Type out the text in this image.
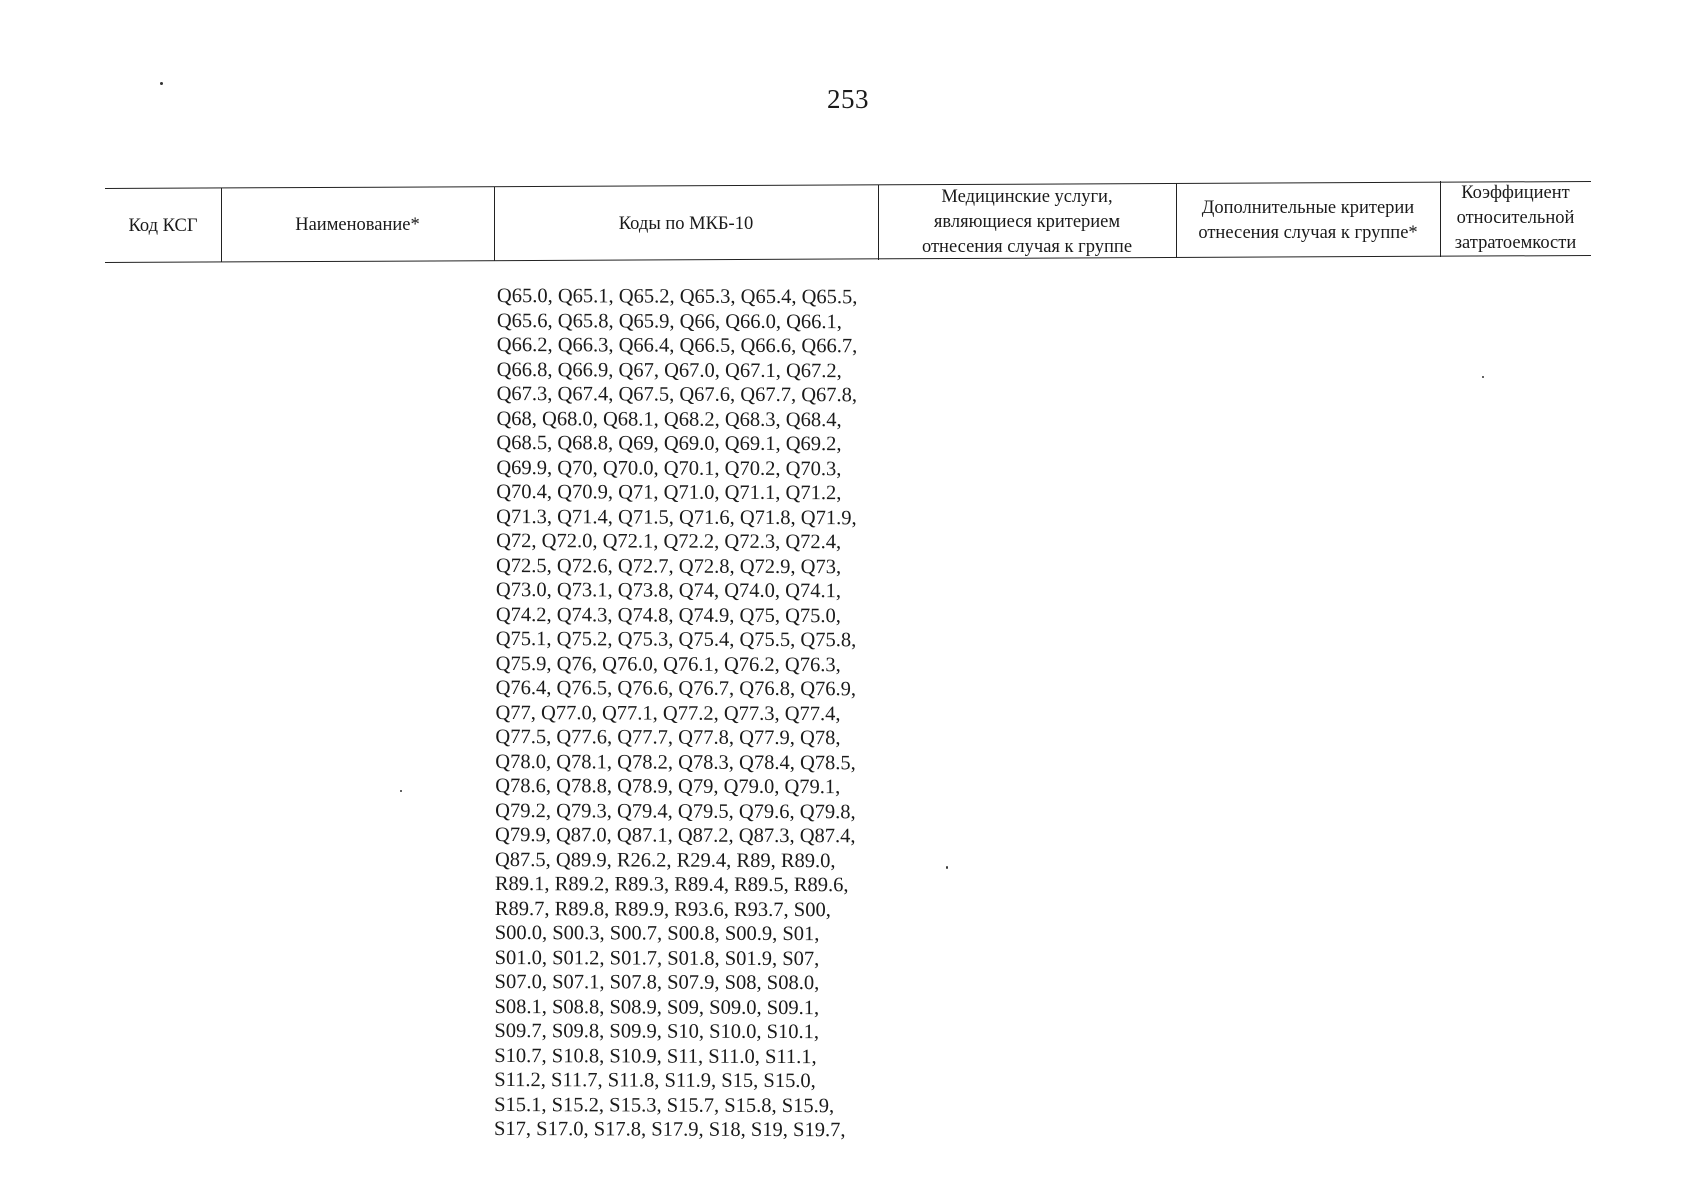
253
Код КСГ	Наименование*	Коды по МКБ-10
Медицинские услуги,
являющиеся критерием
отнесения случая к группе
Дополнительные критерии
отнесения случая к группе*
Коэффициент
относительной
затратоемкости
Q65.0, Q65.1, Q65.2, Q65.3, Q65.4, Q65.5,
Q65.6, Q65.8, Q65.9, Q66, Q66.0, Q66.1,
Q66.2, Q66.3, Q66.4, Q66.5, Q66.6, Q66.7,
Q66.8, Q66.9, Q67, Q67.0, Q67.1, Q67.2,
Q67.3, Q67.4, Q67.5, Q67.6, Q67.7, Q67.8,
Q68, Q68.0, Q68.1, Q68.2, Q68.3, Q68.4,
Q68.5, Q68.8, Q69, Q69.0, Q69.1, Q69.2,
Q69.9, Q70, Q70.0, Q70.1, Q70.2, Q70.3,
Q70.4, Q70.9, Q71, Q71.0, Q71.1, Q71.2,
Q71.3, Q71.4, Q71.5, Q71.6, Q71.8, Q71.9,
Q72, Q72.0, Q72.1, Q72.2, Q72.3, Q72.4,
Q72.5, Q72.6, Q72.7, Q72.8, Q72.9, Q73,
Q73.0, Q73.1, Q73.8, Q74, Q74.0, Q74.1,
Q74.2, Q74.3, Q74.8, Q74.9, Q75, Q75.0,
Q75.1, Q75.2, Q75.3, Q75.4, Q75.5, Q75.8,
Q75.9, Q76, Q76.0, Q76.1, Q76.2, Q76.3,
Q76.4, Q76.5, Q76.6, Q76.7, Q76.8, Q76.9,
Q77, Q77.0, Q77.1, Q77.2, Q77.3, Q77.4,
Q77.5, Q77.6, Q77.7, Q77.8, Q77.9, Q78,
Q78.0, Q78.1, Q78.2, Q78.3, Q78.4, Q78.5,
Q78.6, Q78.8, Q78.9, Q79, Q79.0, Q79.1,
Q79.2, Q79.3, Q79.4, Q79.5, Q79.6, Q79.8,
Q79.9, Q87.0, Q87.1, Q87.2, Q87.3, Q87.4,
Q87.5, Q89.9, R26.2, R29.4, R89, R89.0,
R89.1, R89.2, R89.3, R89.4, R89.5, R89.6,
R89.7, R89.8, R89.9, R93.6, R93.7, S00,
S00.0, S00.3, S00.7, S00.8, S00.9, S01,
S01.0, S01.2, S01.7, S01.8, S01.9, S07,
S07.0, S07.1, S07.8, S07.9, S08, S08.0,
S08.1, S08.8, S08.9, S09, S09.0, S09.1,
S09.7, S09.8, S09.9, S10, S10.0, S10.1,
S10.7, S10.8, S10.9, S11, S11.0, S11.1,
S11.2, S11.7, S11.8, S11.9, S15, S15.0,
S15.1, S15.2, S15.3, S15.7, S15.8, S15.9,
S17, S17.0, S17.8, S17.9, S18, S19, S19.7,
